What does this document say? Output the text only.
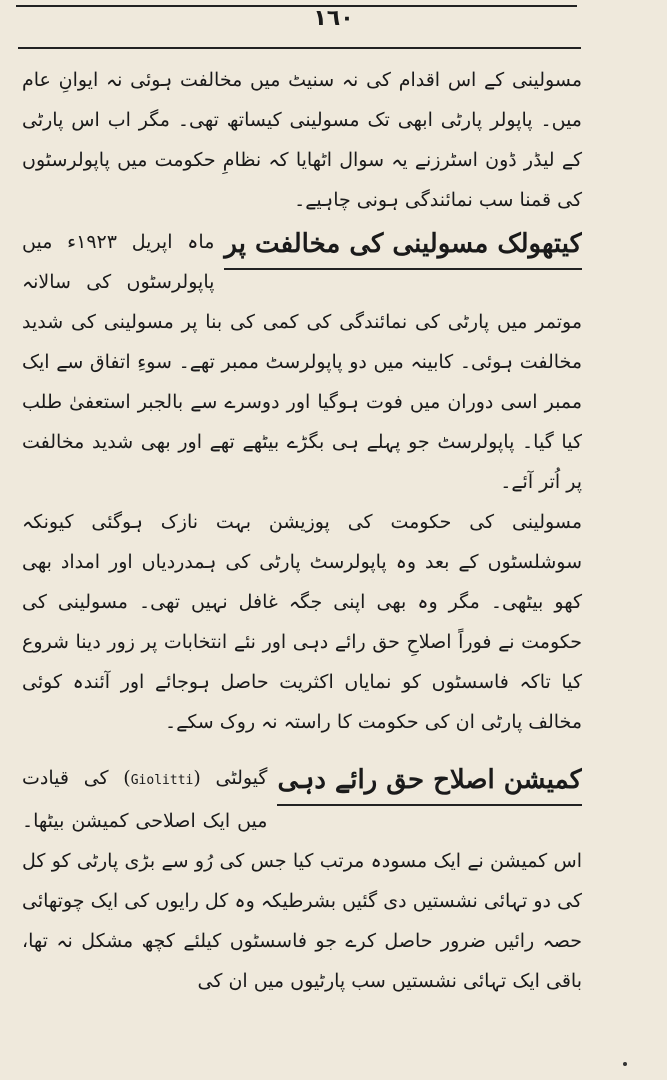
١٦٠

مسولینی کے اس اقدام کی نہ سنیٹ میں مخالفت ہوئی نہ ایوانِ عام میں۔ پاپولر پارٹی ابھی تک مسولینی کیساتھ تھی۔ مگر اب اس پارٹی کے لیڈر ڈون اسٹرزنے یہ سوال اٹھایا کہ نظامِ حکومت میں پاپولرسٹوں کی قمنا سب نمائندگی ہونی چاہیے۔

کیتھولک مسولینی کی مخالفت پر

ماہ اپریل ۱۹۲۳ء میں پاپولرسٹوں کی سالانہ موتمر میں پارٹی کی نمائندگی کی کمی کی بنا پر مسولینی کی شدید مخالفت ہوئی۔ کابینہ میں دو پاپولرسٹ ممبر تھے۔ سوءِ اتفاق سے ایک ممبر اسی دوران میں فوت ہوگیا اور دوسرے سے بالجبر استعفیٰ طلب کیا گیا۔ پاپولرسٹ جو پہلے ہی بگڑے بیٹھے تھے اور بھی شدید مخالفت پر اُتر آئے۔

مسولینی کی حکومت کی پوزیشن بہت نازک ہوگئی کیونکہ سوشلسٹوں کے بعد وہ پاپولرسٹ پارٹی کی ہمدردیاں اور امداد بھی کھو بیٹھی۔ مگر وہ بھی اپنی جگہ غافل نہیں تھی۔ مسولینی کی حکومت نے فوراً اصلاحِ حق رائے دہی اور نئے انتخابات پر زور دینا شروع کیا تاکہ فاسسٹوں کو نمایاں اکثریت حاصل ہوجائے اور آئندہ کوئی مخالف پارٹی ان کی حکومت کا راستہ نہ روک سکے۔

کمیشن اصلاح حق رائے دہی

گیولٹی (Giolitti) کی قیادت میں ایک اصلاحی کمیشن بیٹھا۔ اس کمیشن نے ایک مسودہ مرتب کیا جس کی رُو سے بڑی پارٹی کو کل کی دو تہائی نشستیں دی گئیں بشرطیکہ وہ کل رایوں کی ایک چوتھائی حصہ رائیں ضرور حاصل کرے جو فاسسٹوں کیلئے کچھ مشکل نہ تھا، باقی ایک تہائی نشستیں سب پارٹیوں میں ان کی
